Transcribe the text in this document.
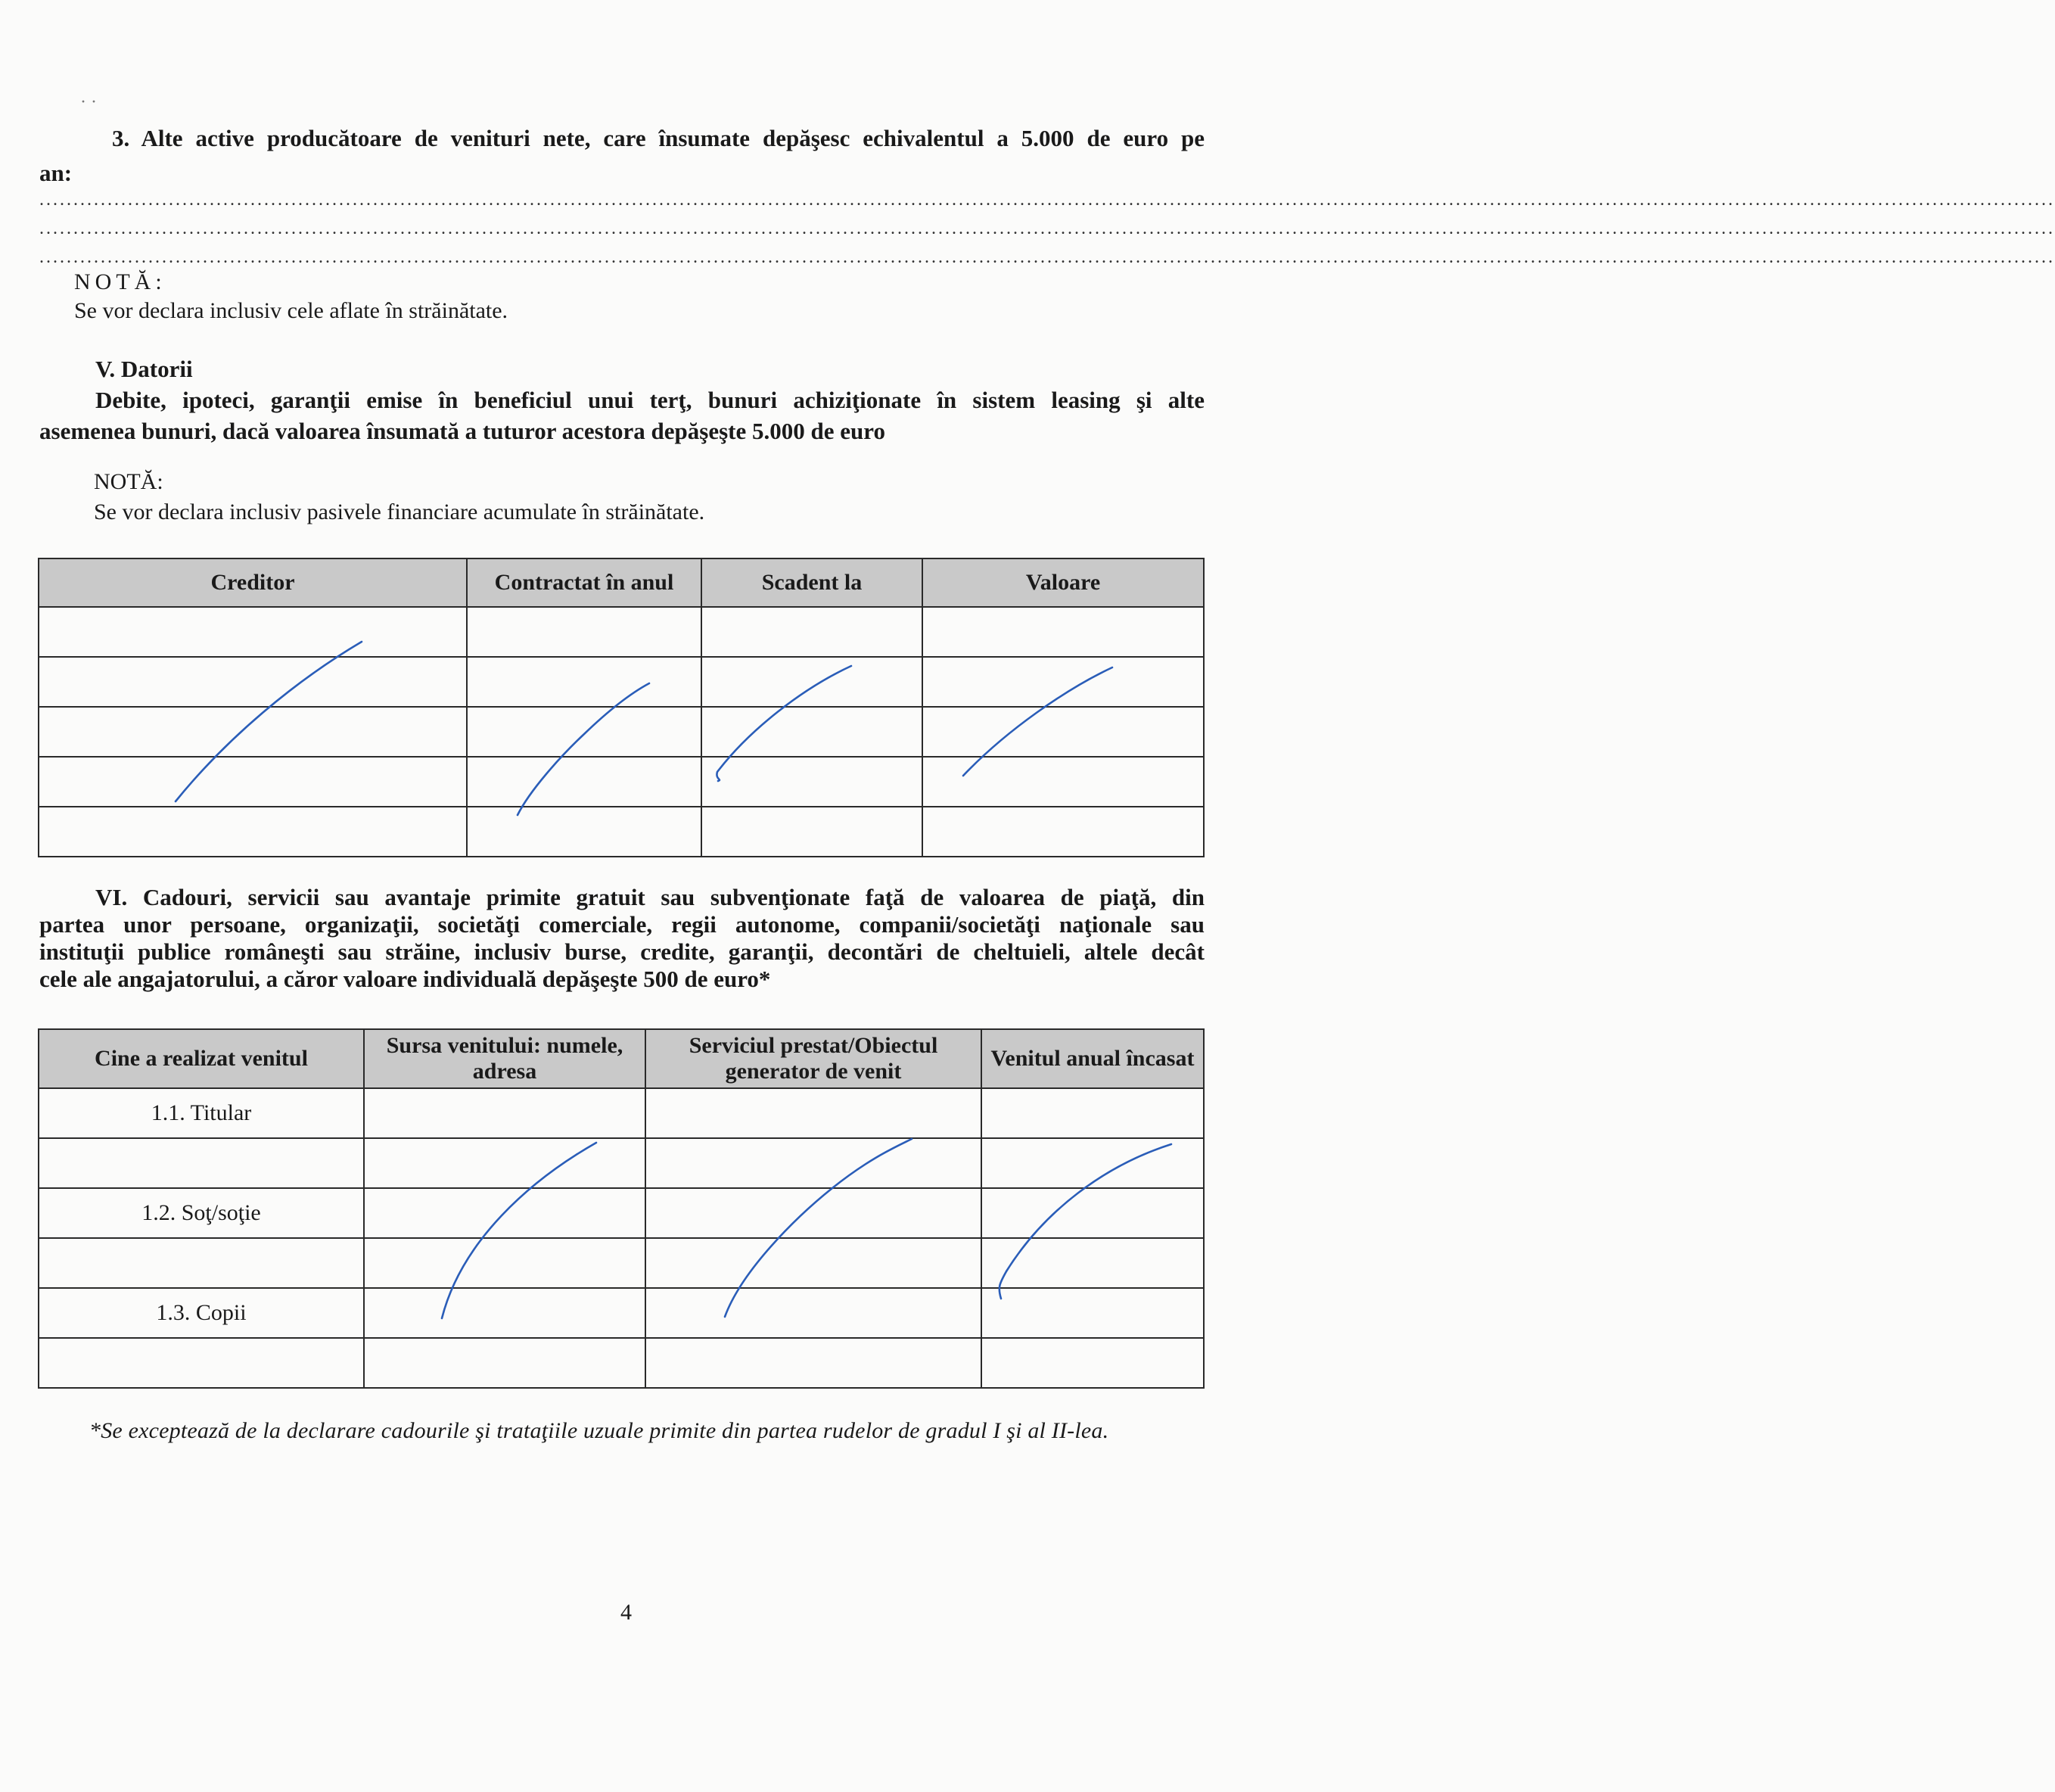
· ·
3. Alte active producătoare de venituri nete, care însumate depăşesc echivalentul a 5.000 de euro pe
an:
........................................................................................................................................................................................................................................................................................................
........................................................................................................................................................................................................................................................................................................
........................................................................................................................................................................................................................................................................................................
NOTĂ:
Se vor declara inclusiv cele aflate în străinătate.
V. Datorii
Debite, ipoteci, garanţii emise în beneficiul unui terţ, bunuri achiziţionate în sistem leasing şi alte
asemenea bunuri, dacă valoarea însumată a tuturor acestora depăşeşte 5.000 de euro
NOTĂ:
Se vor declara inclusiv pasivele financiare acumulate în străinătate.
Creditor	Contractat în anul	Scadent la	Valoare

VI. Cadouri, servicii sau avantaje primite gratuit sau subvenţionate faţă de valoarea de piaţă, din
partea unor persoane, organizaţii, societăţi comerciale, regii autonome, companii/societăţi naţionale sau
instituţii publice româneşti sau străine, inclusiv burse, credite, garanţii, decontări de cheltuieli, altele decât
cele ale angajatorului, a căror valoare individuală depăşeşte 500 de euro*
Cine a realizat venitul	Sursa venitului: numele, adresa	Serviciul prestat/Obiectul generator de venit	Venitul anual încasat
1.1. Titular			

1.2. Soţ/soţie			

1.3. Copii			

*Se exceptează de la declarare cadourile şi trataţiile uzuale primite din partea rudelor de gradul I şi al II-lea.
4
